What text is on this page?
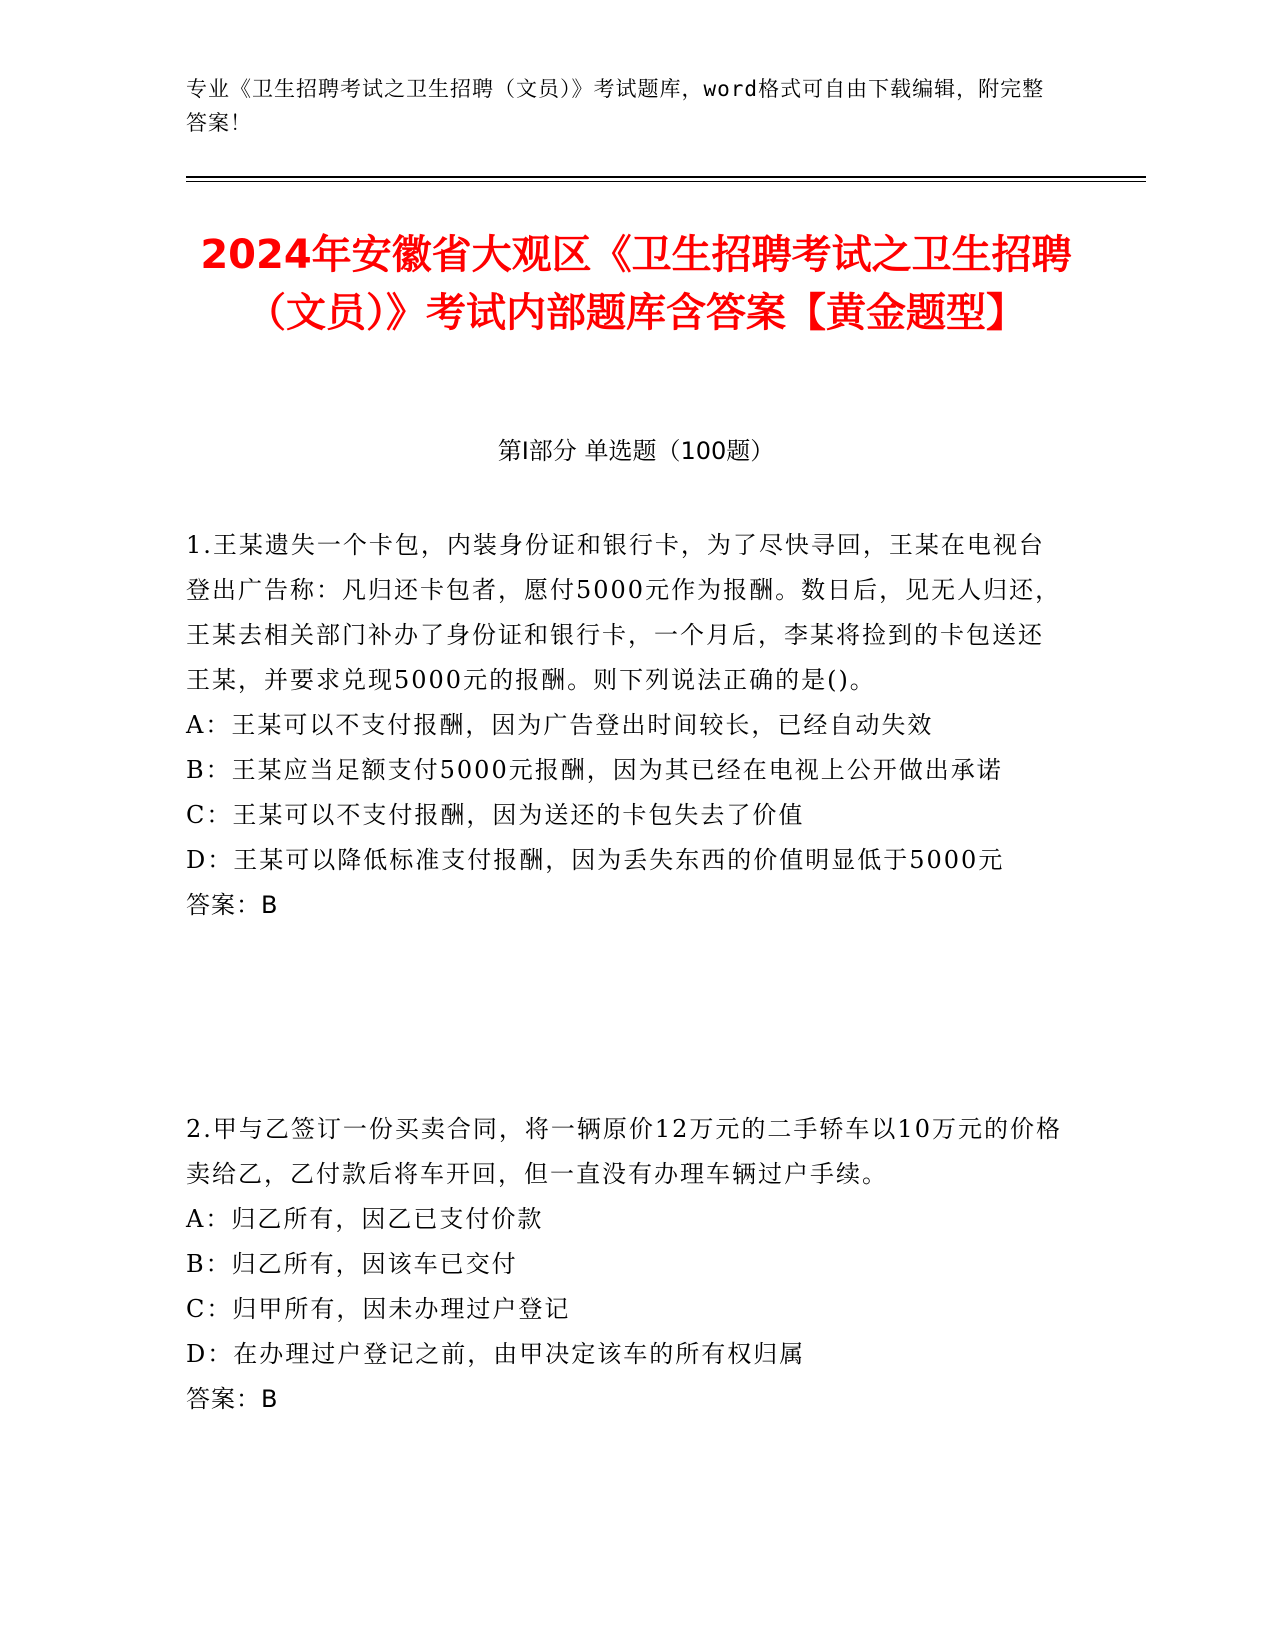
专业《卫生招聘考试之卫生招聘（文员）》考试题库，word格式可自由下载编辑，附完整答案！
2024年安徽省大观区《卫生招聘考试之卫生招聘（文员）》考试内部题库含答案【黄金题型】
第I部分 单选题（100题）

1.王某遗失一个卡包，内装身份证和银行卡，为了尽快寻回，王某在电视台登出广告称：凡归还卡包者，愿付5000元作为报酬。数日后，见无人归还，王某去相关部门补办了身份证和银行卡，一个月后，李某将捡到的卡包送还王某，并要求兑现5000元的报酬。则下列说法正确的是()。

A：王某可以不支付报酬，因为广告登出时间较长，已经自动失效

B：王某应当足额支付5000元报酬，因为其已经在电视上公开做出承诺

C：王某可以不支付报酬，因为送还的卡包失去了价值

D：王某可以降低标准支付报酬，因为丢失东西的价值明显低于5000元

答案：B

2.甲与乙签订一份买卖合同，将一辆原价12万元的二手轿车以10万元的价格卖给乙，乙付款后将车开回，但一直没有办理车辆过户手续。

A：归乙所有，因乙已支付价款

B：归乙所有，因该车已交付

C：归甲所有，因未办理过户登记

D：在办理过户登记之前，由甲决定该车的所有权归属

答案：B
